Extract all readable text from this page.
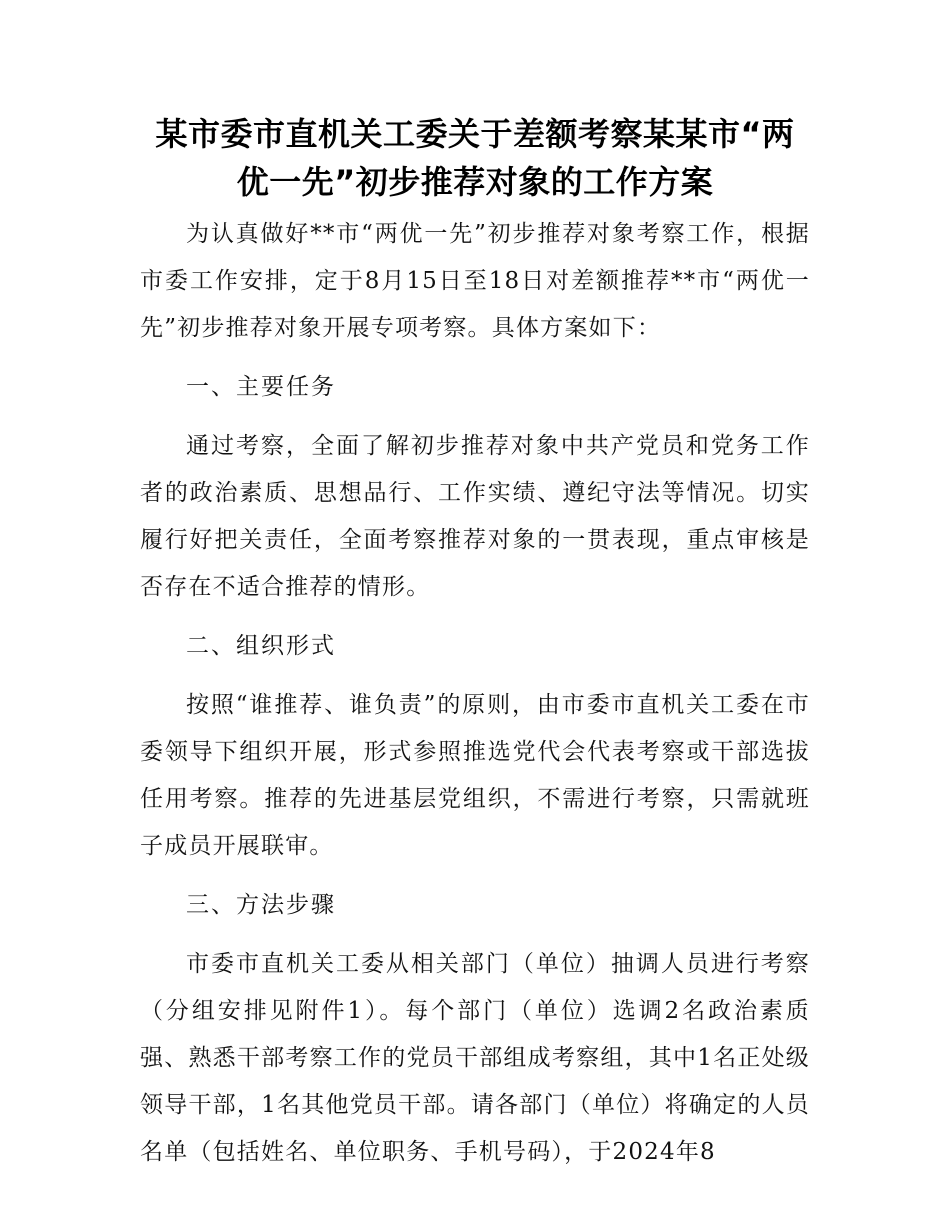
某市委市直机关工委关于差额考察某某市“两
优一先”初步推荐对象的工作方案

为认真做好**市“两优一先”初步推荐对象考察工作，根据市委工作安排，定于8月15日至18日对差额推荐**市“两优一先”初步推荐对象开展专项考察。具体方案如下：

一、主要任务

通过考察，全面了解初步推荐对象中共产党员和党务工作者的政治素质、思想品行、工作实绩、遵纪守法等情况。切实履行好把关责任，全面考察推荐对象的一贯表现，重点审核是否存在不适合推荐的情形。

二、组织形式

按照“谁推荐、谁负责”的原则，由市委市直机关工委在市委领导下组织开展，形式参照推选党代会代表考察或干部选拔任用考察。推荐的先进基层党组织，不需进行考察，只需就班子成员开展联审。

三、方法步骤

市委市直机关工委从相关部门（单位）抽调人员进行考察（分组安排见附件1）。每个部门（单位）选调2名政治素质强、熟悉干部考察工作的党员干部组成考察组，其中1名正处级领导干部，1名其他党员干部。请各部门（单位）将确定的人员名单（包括姓名、单位职务、手机号码），于2024年8
